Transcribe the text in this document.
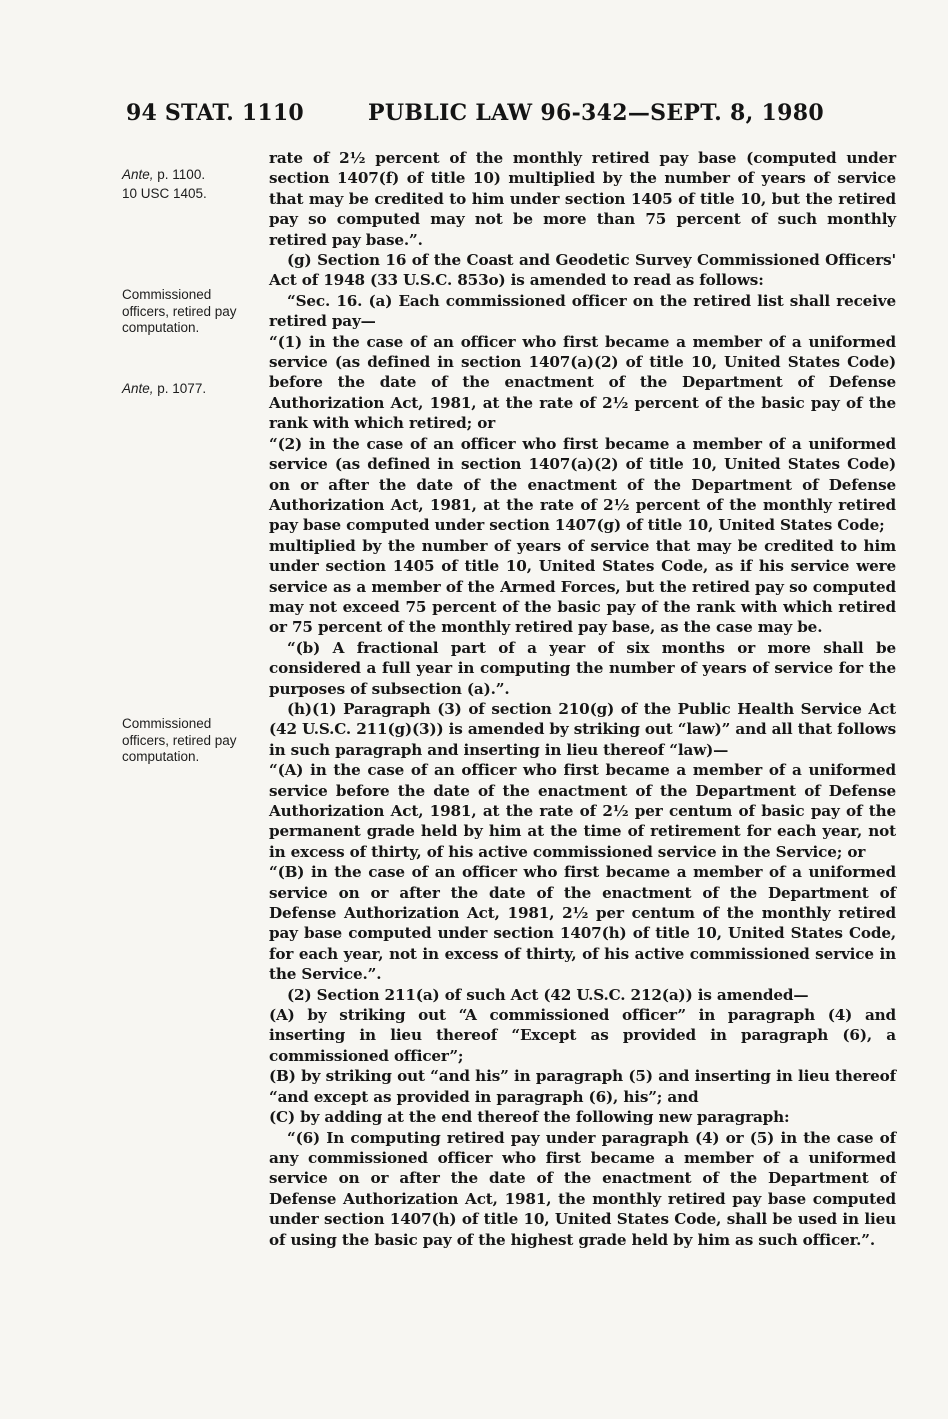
94 STAT. 1110	PUBLIC LAW 96-342—SEPT. 8, 1980
Ante, p. 1100.
10 USC 1405.
Commissioned officers, retired pay computation.
Ante, p. 1077.
Commissioned officers, retired pay computation.

rate of 2½ percent of the monthly retired pay base (computed under section 1407(f) of title 10) multiplied by the number of years of service that may be credited to him under section 1405 of title 10, but the retired pay so computed may not be more than 75 percent of such monthly retired pay base.”.

(g) Section 16 of the Coast and Geodetic Survey Commissioned Officers' Act of 1948 (33 U.S.C. 853o) is amended to read as follows:

“Sec. 16. (a) Each commissioned officer on the retired list shall receive retired pay—

“(1) in the case of an officer who first became a member of a uniformed service (as defined in section 1407(a)(2) of title 10, United States Code) before the date of the enactment of the Department of Defense Authorization Act, 1981, at the rate of 2½ percent of the basic pay of the rank with which retired; or

“(2) in the case of an officer who first became a member of a uniformed service (as defined in section 1407(a)(2) of title 10, United States Code) on or after the date of the enactment of the Department of Defense Authorization Act, 1981, at the rate of 2½ percent of the monthly retired pay base computed under section 1407(g) of title 10, United States Code;

multiplied by the number of years of service that may be credited to him under section 1405 of title 10, United States Code, as if his service were service as a member of the Armed Forces, but the retired pay so computed may not exceed 75 percent of the basic pay of the rank with which retired or 75 percent of the monthly retired pay base, as the case may be.

“(b) A fractional part of a year of six months or more shall be considered a full year in computing the number of years of service for the purposes of subsection (a).”.

(h)(1) Paragraph (3) of section 210(g) of the Public Health Service Act (42 U.S.C. 211(g)(3)) is amended by striking out “law)” and all that follows in such paragraph and inserting in lieu thereof “law)—

“(A) in the case of an officer who first became a member of a uniformed service before the date of the enactment of the Department of Defense Authorization Act, 1981, at the rate of 2½ per centum of basic pay of the permanent grade held by him at the time of retirement for each year, not in excess of thirty, of his active commissioned service in the Service; or

“(B) in the case of an officer who first became a member of a uniformed service on or after the date of the enactment of the Department of Defense Authorization Act, 1981, 2½ per centum of the monthly retired pay base computed under section 1407(h) of title 10, United States Code, for each year, not in excess of thirty, of his active commissioned service in the Service.”.

(2) Section 211(a) of such Act (42 U.S.C. 212(a)) is amended—

(A) by striking out “A commissioned officer” in paragraph (4) and inserting in lieu thereof “Except as provided in paragraph (6), a commissioned officer”;

(B) by striking out “and his” in paragraph (5) and inserting in lieu thereof “and except as provided in paragraph (6), his”; and

(C) by adding at the end thereof the following new paragraph:

“(6) In computing retired pay under paragraph (4) or (5) in the case of any commissioned officer who first became a member of a uniformed service on or after the date of the enactment of the Department of Defense Authorization Act, 1981, the monthly retired pay base computed under section 1407(h) of title 10, United States Code, shall be used in lieu of using the basic pay of the highest grade held by him as such officer.”.
